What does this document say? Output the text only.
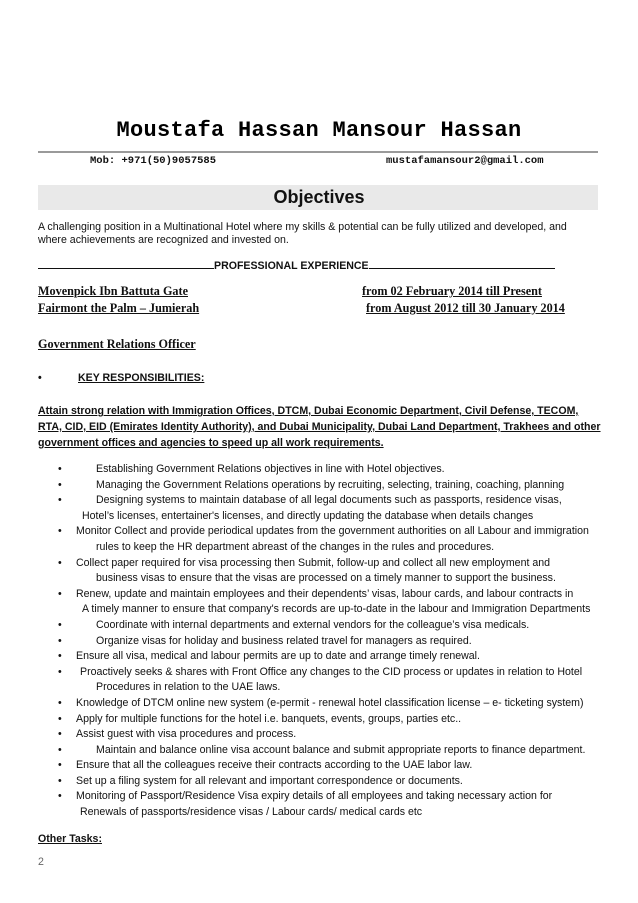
Moustafa Hassan Mansour Hassan
Mob: +971(50)9057585	mustafamansour2@gmail.com
Objectives
A challenging position in a Multinational Hotel where my skills & potential can be fully utilized and developed, and where achievements are recognized and invested on.
PROFESSIONAL EXPERIENCE
Movenpick Ibn Battuta Gate	from 02 February 2014 till Present
Fairmont the Palm – Jumierah	from August 2012 till 30 January 2014
Government Relations Officer
•	KEY RESPONSIBILITIES:
Attain strong relation with Immigration Offices, DTCM, Dubai Economic Department, Civil Defense, TECOM, RTA, CID, EID (Emirates Identity Authority), and Dubai Municipality, Dubai Land Department, Trakhees and other government offices and agencies to speed up all work requirements.
•	Establishing Government Relations objectives in line with Hotel objectives.
•	Managing the Government Relations operations by recruiting, selecting, training, coaching, planning
•	Designing systems to maintain database of all legal documents such as passports, residence visas,
Hotel’s licenses, entertainer's licenses, and directly updating the database when details changes
•	Monitor Collect and provide periodical updates from the government authorities on all Labour and immigration
rules to keep the HR department abreast of the changes in the rules and procedures.
•	Collect paper required for visa processing then Submit, follow-up and collect all new employment and
business visas to ensure that the visas are processed on a timely manner to support the business.
•	Renew, update and maintain employees and their dependents’ visas, labour cards, and labour contracts in
A timely manner to ensure that company's records are up-to-date in the labour and Immigration Departments
•	Coordinate with internal departments and external vendors for the colleague’s visa medicals.
•	Organize visas for holiday and business related travel for managers as required.
•	Ensure all visa, medical and labour permits are up to date and arrange timely renewal.
•	Proactively seeks & shares with Front Office any changes to the CID process or updates in relation to Hotel
Procedures in relation to the UAE laws.
•	Knowledge of DTCM online new system (e-permit - renewal hotel classification license – e- ticketing system)
•	Apply for multiple functions for the hotel i.e. banquets, events, groups, parties etc..
•	Assist guest with visa procedures and process.
•	Maintain and balance online visa account balance and submit appropriate reports to finance department.
•	Ensure that all the colleagues receive their contracts according to the UAE labor law.
•	Set up a filing system for all relevant and important correspondence or documents.
•	Monitoring of Passport/Residence Visa expiry details of all employees and taking necessary action for
Renewals of passports/residence visas / Labour cards/ medical cards etc
Other Tasks:
2
